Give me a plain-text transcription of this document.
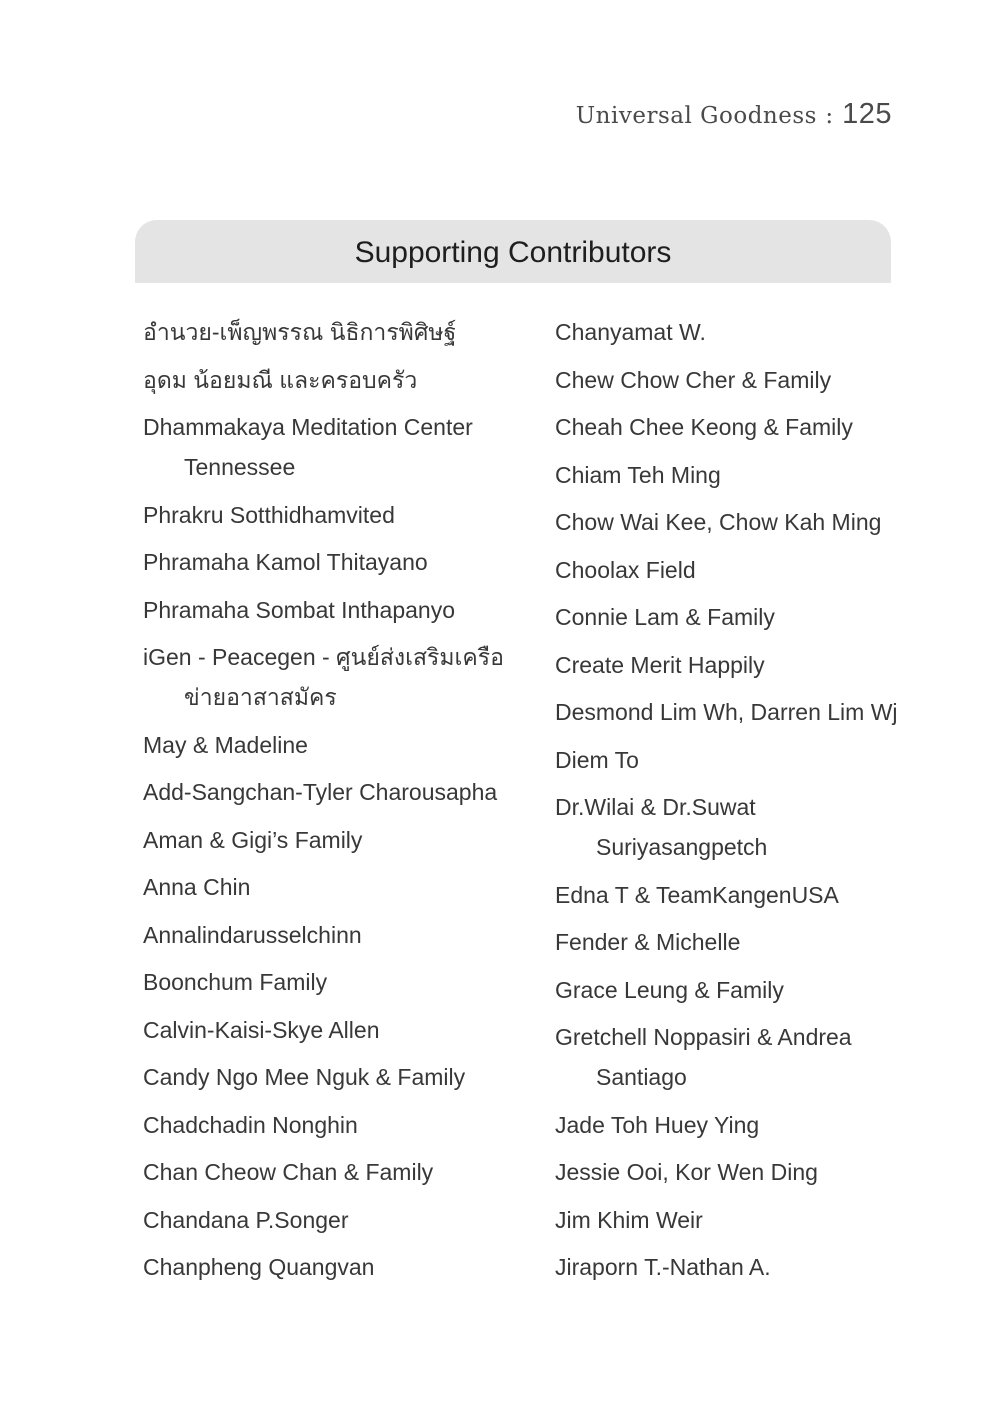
Universal Goodness : 125
Supporting Contributors
อำนวย-เพ็ญพรรณ นิธิการพิศิษฐ์
อุดม น้อยมณี และครอบครัว
Dhammakaya Meditation Center Tennessee
Phrakru Sotthidhamvited
Phramaha Kamol Thitayano
Phramaha Sombat Inthapanyo
iGen - Peacegen - ศูนย์ส่งเสริมเครือข่ายอาสาสมัคร
May & Madeline
Add-Sangchan-Tyler Charousapha
Aman & Gigi’s Family
Anna Chin
Annalindarusselchinn
Boonchum Family
Calvin-Kaisi-Skye Allen
Candy Ngo Mee Nguk & Family
Chadchadin Nonghin
Chan Cheow Chan & Family
Chandana P.Songer
Chanpheng Quangvan
Chanyamat W.
Chew Chow Cher & Family
Cheah Chee Keong & Family
Chiam Teh Ming
Chow Wai Kee, Chow Kah Ming
Choolax Field
Connie Lam & Family
Create Merit Happily
Desmond Lim Wh, Darren Lim Wj
Diem To
Dr.Wilai & Dr.Suwat Suriyasangpetch
Edna T & TeamKangenUSA
Fender & Michelle
Grace Leung & Family
Gretchell Noppasiri & Andrea Santiago
Jade Toh Huey Ying
Jessie Ooi, Kor Wen Ding
Jim Khim Weir
Jiraporn T.-Nathan A.
